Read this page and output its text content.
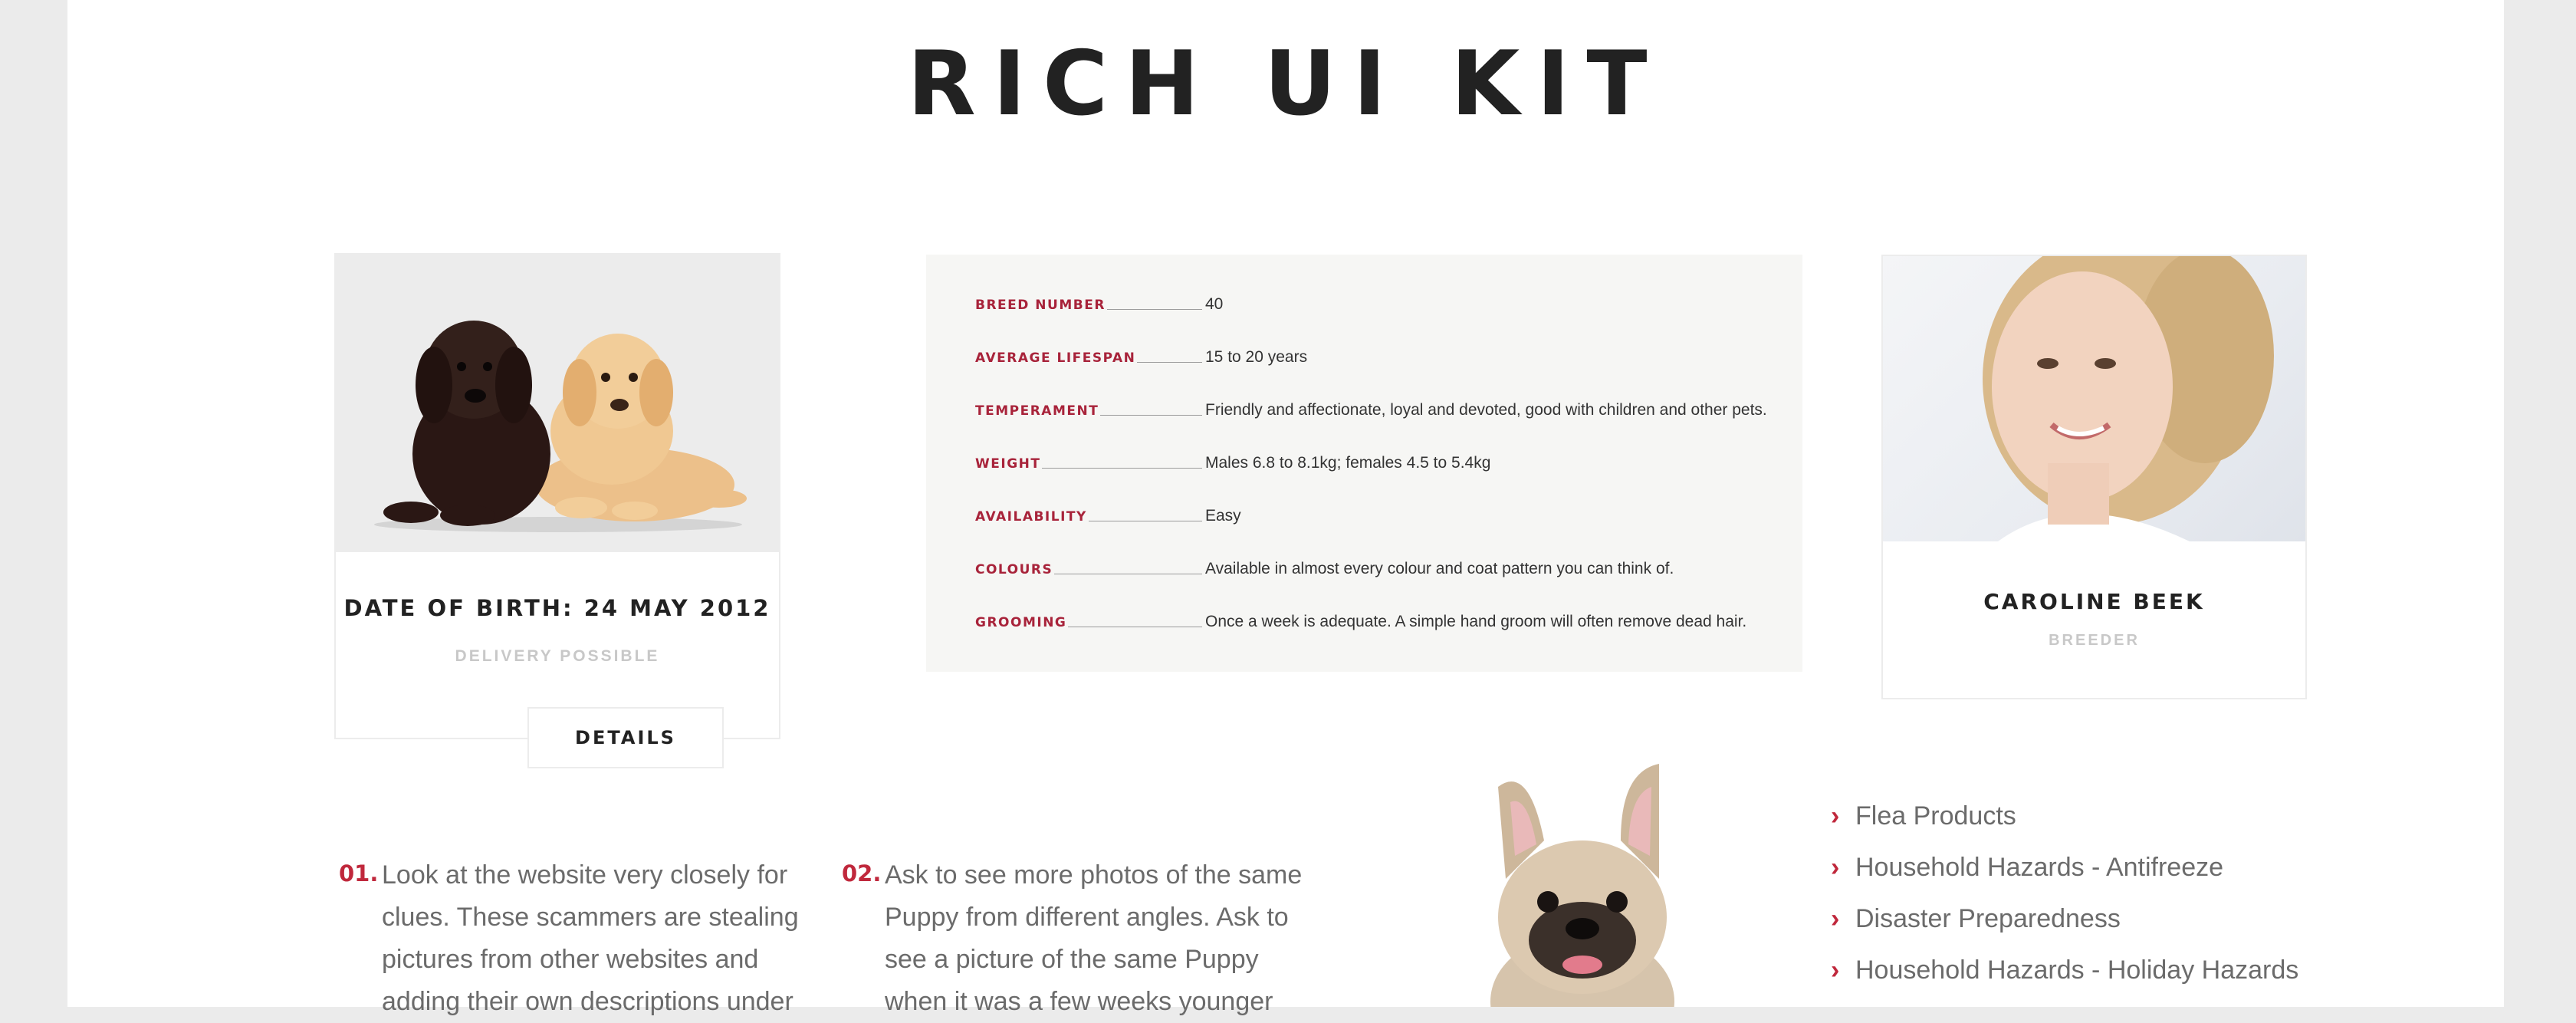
RICH UI KIT
DATE OF BIRTH: 24 MAY 2012
DELIVERY POSSIBLE
DETAILS
BREED NUMBER	40
AVERAGE LIFESPAN	15 to 20 years
TEMPERAMENT	Friendly and affectionate, loyal and devoted, good with children and other pets.
WEIGHT	Males 6.8 to 8.1kg; females 4.5 to 5.4kg
AVAILABILITY	Easy
COLOURS	Available in almost every colour and coat pattern you can think of.
GROOMING	Once a week is adequate. A simple hand groom will often remove dead hair.
CAROLINE BEEK
BREEDER
01. Look at the website very closely for clues. These scammers are stealing pictures from other websites and adding their own descriptions under
02. Ask to see more photos of the same Puppy from different angles. Ask to see a picture of the same Puppy when it was a few weeks younger
› Flea Products
› Household Hazards - Antifreeze
› Disaster Preparedness
› Household Hazards - Holiday Hazards
